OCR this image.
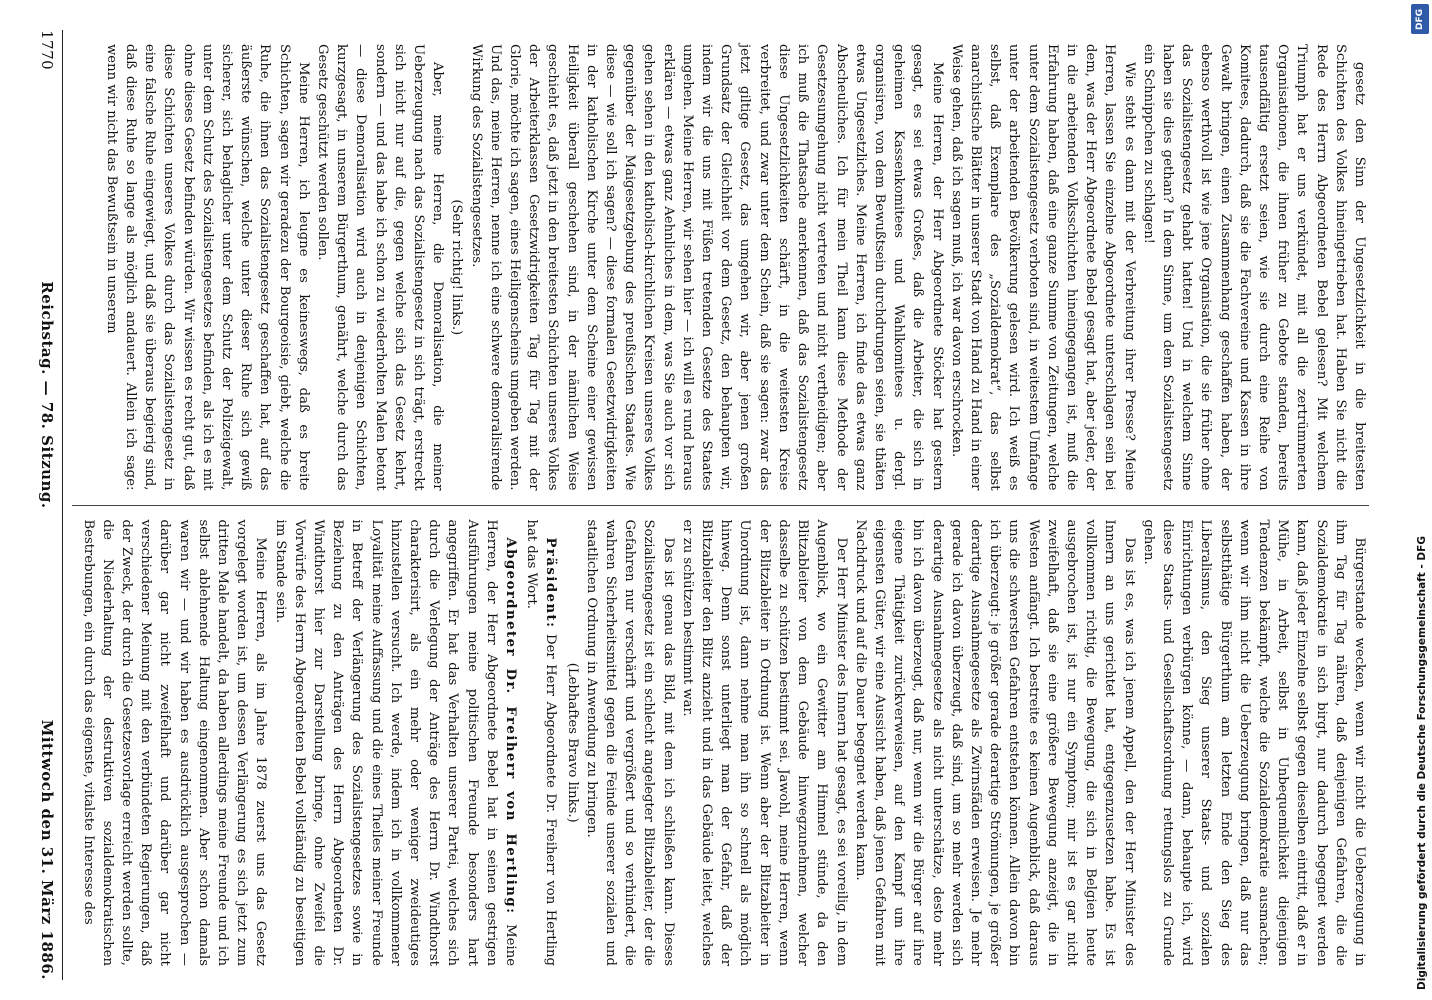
gesetz den Sinn der Ungesetzlichkeit in die breitesten Schichten des Volkes hineingetrieben hat. Haben Sie nicht die Rede des Herrn Abgeordneten Bebel gelesen? Mit welchem Triumph hat er uns verkündet, mit all die zertrümmerten Organisationen, die ihnen früher zu Gebote standen, bereits tausendfältig ersetzt seien, wie sie durch eine Reihe von Komitees, dadurch, daß sie die Fachvereine und Kassen in ihre Gewalt bringen, einen Zusammenhang geschaffen haben, der ebenso werthvoll ist wie jene Organisation, die sie früher ohne das Sozialistengesetz gehabt hatten! Und in welchem Sinne haben sie dies gethan? In dem Sinne, um dem Sozialistengesetz ein Schnippchen zu schlagen!

Wie steht es dann mit der Verbreitung ihrer Presse? Meine Herren, lassen Sie einzelne Abgeordnete unterschlagen sein bei dem, was der Herr Abgeordnete Bebel gesagt hat, aber jeder, der in die arbeitenden Volksschichten hineingegangen ist, muß die Erfahrung haben, daß eine ganze Summe von Zeitungen, welche unter dem Sozialistengesetz verboten sind, in weitestem Umfange unter der arbeitenden Bevölkerung gelesen wird. Ich weiß es selbst, daß Exemplare des „Sozialdemokrat“, das selbst anarchistische Blätter in unserer Stadt von Hand zu Hand in einer Weise gehen, daß ich sagen muß, ich war davon erschrocken.

Meine Herren, der Herr Abgeordnete Stöcker hat gestern gesagt, es sei etwas Großes, daß die Arbeiter, die sich in geheimen Kassenkomitees und Wahlkomitees u. dergl. organisiren, von dem Bewußtsein durchdrungen seien, sie thäten etwas Ungesetzliches. Meine Herren, ich finde das etwas ganz Abscheuliches. Ich für mein Theil kann diese Methode der Gesetzesumgehung nicht vertreten und nicht vertheidigen; aber ich muß die Thatsache anerkennen, daß das Sozialistengesetz diese Ungesetzlichkeiten schärft, in die weitesten Kreise verbreitet, und zwar unter dem Schein, daß sie sagen: zwar das jetzt giltige Gesetz, das umgehen wir, aber jenen großen Grundsatz der Gleichheit vor dem Gesetz, den behaupten wir, indem wir die uns mit Füßen tretenden Gesetze des Staates umgehen. Meine Herren, wir sehen hier — ich will es rund heraus erklären — etwas ganz Aehnliches in dem, was Sie auch vor sich gehen sehen in den katholisch-kirchlichen Kreisen unseres Volkes gegenüber der Maigesetzgebung des preußischen Staates. Wie diese — wie soll ich sagen? — diese formalen Gesetzwidrigkeiten in der katholischen Kirche unter dem Scheine einer gewissen Heiligkeit überall geschehen sind, in der nämlichen Weise geschieht es, daß jetzt in den breitesten Schichten unseres Volkes der Arbeiterklassen Gesetzwidrigkeiten Tag für Tag mit der Glorie, möchte ich sagen, eines Heiligenscheins umgeben werden. Und das, meine Herren, nenne ich eine schwere demoralisirende Wirkung des Sozialistengesetzes.

(Sehr richtig! links.)

Aber, meine Herren, die Demoralisation, die meiner Ueberzeugung nach das Sozialistengesetz in sich trägt, erstreckt sich nicht nur auf die, gegen welche sich das Gesetz kehrt, sondern — und das habe ich schon zu wiederholten Malen betont — diese Demoralisation wird auch in denjenigen Schichten, kurzgesagt, in unserem Bürgerthum, genährt, welche durch das Gesetz geschützt werden sollen.

Meine Herren, ich leugne es keineswegs, daß es breite Schichten, sagen wir geradezu der Bourgeoisie, giebt, welche die Ruhe, die ihnen das Sozialistengesetz geschaffen hat, auf das äußerste wünschen, welche unter dieser Ruhe sich gewiß sicherer, sich behaglicher unter dem Schutz der Polizeigewalt, unter dem Schutz des Sozialistengesetzes befinden, als ich es mit ohne dieses Gesetz befinden würden. Wir wissen es recht gut, daß diese Schichten unseres Volkes durch das Sozialistengesetz in eine falsche Ruhe eingewiegt, und daß sie überaus begierig sind, daß diese Ruhe so lange als möglich andauert. Allein ich sage: wenn wir nicht das Bewußtsein in unserem

Bürgerstande wecken, wenn wir nicht die Ueberzeugung in ihm Tag für Tag nähren, daß denjenigen Gefahren, die die Sozialdemokratie in sich birgt, nur dadurch begegnet werden kann, daß jeder Einzelne selbst gegen dieselben eintritt, daß er in Mühe, in Arbeit, selbst in Unbequemlichkeit diejenigen Tendenzen bekämpft, welche die Sozialdemokratie ausmachen; wenn wir ihm nicht die Ueberzeugung bringen, daß nur das selbstthätige Bürgerthum am letzten Ende den Sieg des Liberalismus, den Sieg unserer Staats- und sozialen Einrichtungen verbürgen könne, — dann, behaupte ich, wird diese Staats- und Gesellschaftsordnung rettungslos zu Grunde gehen.

Das ist es, was ich jenem Appell, den der Herr Minister des Innern an uns gerichtet hat, entgegenzusetzen habe. Es ist vollkommen richtig, die Bewegung, die sich in Belgien heute ausgebrochen ist, ist nur ein Symptom; mir ist es gar nicht zweifelhaft, daß sie eine größere Bewegung anzeigt, die in Westen anfängt. Ich bestreite es keinen Augenblick, daß daraus uns die schwersten Gefahren entstehen können. Allein davon bin ich überzeugt: je größer gerade derartige Strömungen, je größer derartige Ausnahmegesetze als Zwirnsfäden erweisen. Je mehr gerade ich davon überzeugt, daß sind, um so mehr werden sich derartige Ausnahmegesetze als nicht unterschätze, desto mehr bin ich davon überzeugt, daß nur, wenn wir die Bürger auf ihre eigene Thätigkeit zurückverweisen, auf den Kampf um ihre eigensten Güter, wir eine Aussicht haben, daß jenen Gefahren mit Nachdruck und auf die Dauer begegnet werden kann.

Der Herr Minister des Innern hat gesagt, es sei voreilig, in dem Augenblick, wo ein Gewitter am Himmel stünde, da den Blitzableiter von dem Gebäude hinwegzunehmen, welcher dasselbe zu schützen bestimmt sei. Jawohl, meine Herren, wenn der Blitzableiter in Ordnung ist. Wenn aber der Blitzableiter in Unordnung ist, dann nehme man ihn so schnell als möglich hinweg. Denn sonst unterliegt man der Gefahr, daß der Blitzableiter den Blitz anzieht und in das Gebäude leitet, welches er zu schützen bestimmt war.

Das ist genau das Bild, mit dem ich schließen kann. Dieses Sozialistengesetz ist ein schlecht angelegter Blitzableiter, der die Gefahren nur verschärft und vergrößert und so verhindert, die wahren Sicherheitsmittel gegen die Feinde unserer sozialen und staatlichen Ordnung in Anwendung zu bringen.

(Lebhaftes Bravo links.)

Präsident: Der Herr Abgeordnete Dr. Freiherr von Hertling hat das Wort.

Abgeordneter Dr. Freiherr von Hertling: Meine Herren, der Herr Abgeordnete Bebel hat in seinen gestrigen Ausführungen meine politischen Freunde besonders hart angegriffen. Er hat das Verhalten unserer Partei, welches sich durch die Verlegung der Anträge des Herrn Dr. Windthorst charakterisirt, als ein mehr oder weniger zweideutiges hinzustellen versucht. Ich werde, indem ich in vollkommener Loyalität meine Auffassung und die eines Theiles meiner Freunde in Betreff der Verlängerung des Sozialistengesetzes sowie in Beziehung zu den Anträgen des Herrn Abgeordneten Dr. Windthorst hier zur Darstellung bringe, ohne Zweifel die Vorwürfe des Herrn Abgeordneten Bebel vollständig zu beseitigen im Stande sein.

Meine Herren, als im Jahre 1878 zuerst uns das Gesetz vorgelegt worden ist, um dessen Verlängerung es sich jetzt zum dritten Male handelt, da haben allerdings meine Freunde und ich selbst ablehnende Haltung eingenommen. Aber schon damals waren wir — und wir haben es ausdrücklich ausgesprochen — darüber gar nicht zweifelhaft und darüber gar nicht verschiedener Meinung mit den verbündeten Regierungen, daß der Zweck, der durch die Gesetzesvorlage erreicht werden sollte, die Niederhaltung der destruktiven sozialdemokratischen Bestrebungen, ein durch das eigenste, vitalste Interesse des

1770
Reichstag. — 78. Sitzung.
Mittwoch den 31. März 1886.
DFG
Digitalisierung gefördert durch die Deutsche Forschungsgemeinschaft - DFG
